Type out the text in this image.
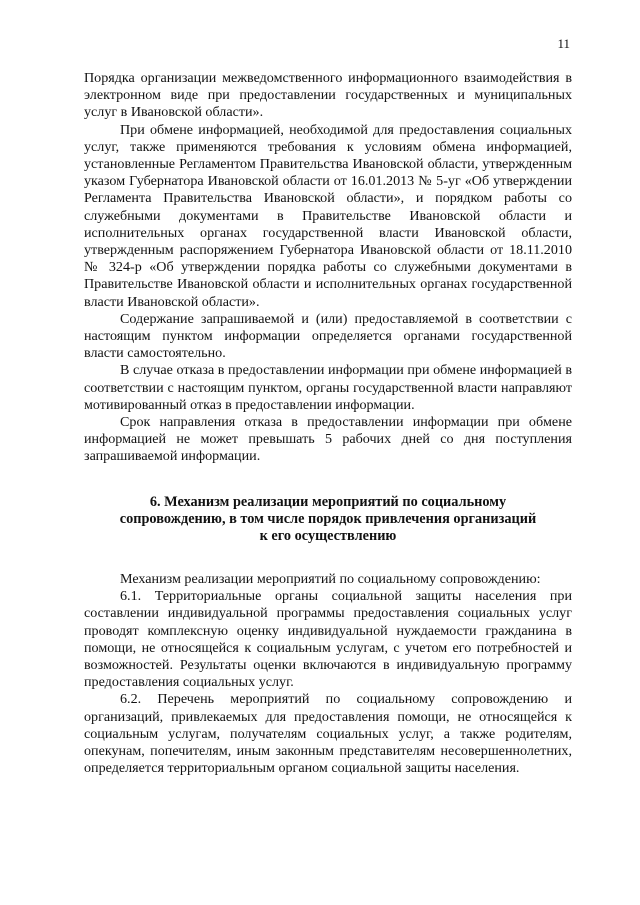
11

Порядка организации межведомственного информационного взаимодействия в электронном виде при предоставлении государственных и муниципальных услуг в Ивановской области».

При обмене информацией, необходимой для предоставления социальных услуг, также применяются требования к условиям обмена информацией, установленные Регламентом Правительства Ивановской области, утвержденным указом Губернатора Ивановской области от 16.01.2013 № 5-уг «Об утверждении Регламента Правительства Ивановской области», и порядком работы со служебными документами в Правительстве Ивановской области и исполнительных органах государственной власти Ивановской области, утвержденным распоряжением Губернатора Ивановской области от 18.11.2010 № 324-р «Об утверждении порядка работы со служебными документами в Правительстве Ивановской области и исполнительных органах государственной власти Ивановской области».

Содержание запрашиваемой и (или) предоставляемой в соответствии с настоящим пунктом информации определяется органами государственной власти самостоятельно.

В случае отказа в предоставлении информации при обмене информацией в соответствии с настоящим пунктом, органы государственной власти направляют мотивированный отказ в предоставлении информации.

Срок направления отказа в предоставлении информации при обмене информацией не может превышать 5 рабочих дней со дня поступления запрашиваемой информации.

6. Механизм реализации мероприятий по социальному
сопровождению, в том числе порядок привлечения организаций
к его осуществлению

Механизм реализации мероприятий по социальному сопровождению:

6.1. Территориальные органы социальной защиты населения при составлении индивидуальной программы предоставления социальных услуг проводят комплексную оценку индивидуальной нуждаемости гражданина в помощи, не относящейся к социальным услугам, с учетом его потребностей и возможностей. Результаты оценки включаются в индивидуальную программу предоставления социальных услуг.

6.2. Перечень мероприятий по социальному сопровождению и организаций, привлекаемых для предоставления помощи, не относящейся к социальным услугам, получателям социальных услуг, а также родителям, опекунам, попечителям, иным законным представителям несовершеннолетних, определяется территориальным органом социальной защиты населения.
